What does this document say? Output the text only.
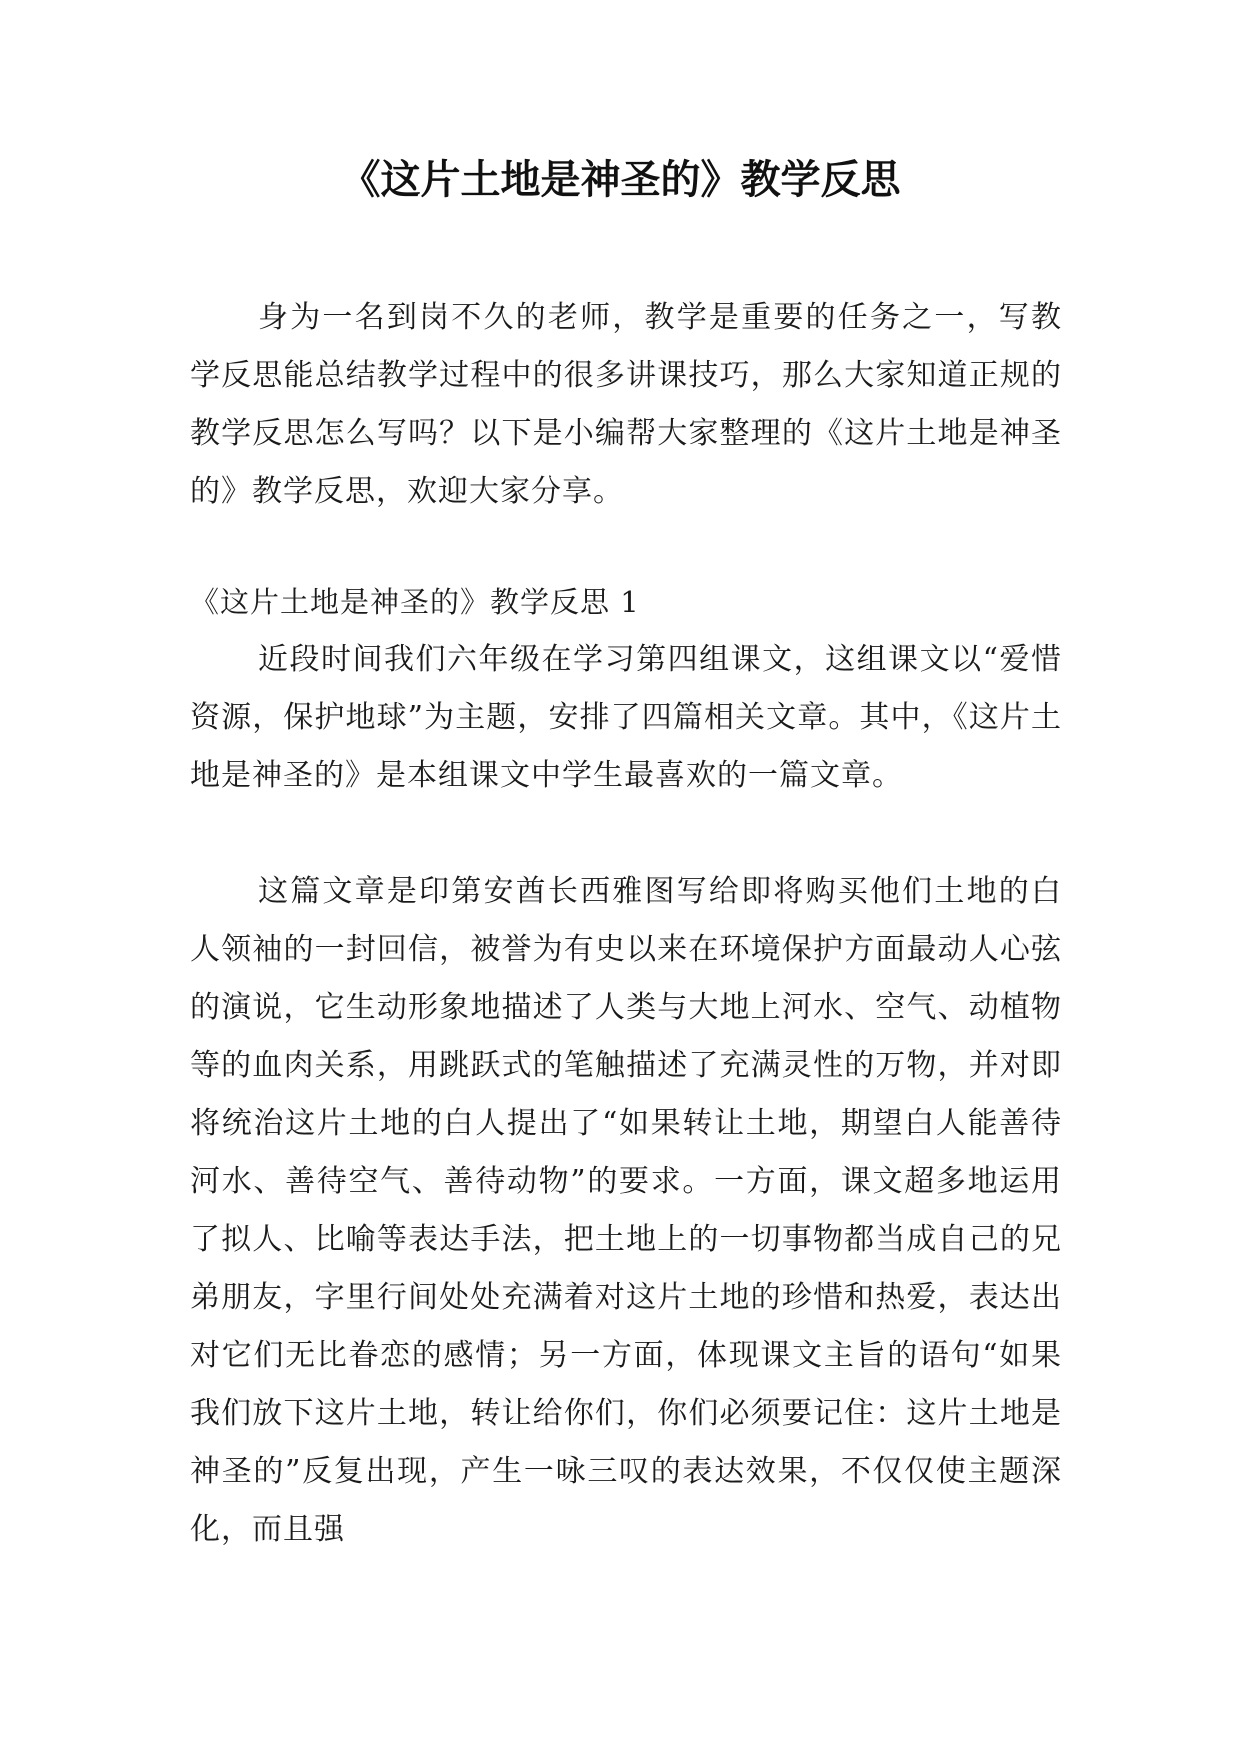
《这片土地是神圣的》教学反思

身为一名到岗不久的老师，教学是重要的任务之一，写教学反思能总结教学过程中的很多讲课技巧，那么大家知道正规的教学反思怎么写吗？以下是小编帮大家整理的《这片土地是神圣的》教学反思，欢迎大家分享。

《这片土地是神圣的》教学反思 1

近段时间我们六年级在学习第四组课文，这组课文以“爱惜资源，保护地球”为主题，安排了四篇相关文章。其中，《这片土地是神圣的》是本组课文中学生最喜欢的一篇文章。

这篇文章是印第安酋长西雅图写给即将购买他们土地的白人领袖的一封回信，被誉为有史以来在环境保护方面最动人心弦的演说，它生动形象地描述了人类与大地上河水、空气、动植物等的血肉关系，用跳跃式的笔触描述了充满灵性的万物，并对即将统治这片土地的白人提出了“如果转让土地，期望白人能善待河水、善待空气、善待动物”的要求。一方面，课文超多地运用了拟人、比喻等表达手法，把土地上的一切事物都当成自己的兄弟朋友，字里行间处处充满着对这片土地的珍惜和热爱，表达出对它们无比眷恋的感情；另一方面，体现课文主旨的语句“如果我们放下这片土地，转让给你们，你们必须要记住：这片土地是神圣的”反复出现，产生一咏三叹的表达效果，不仅仅使主题深化，而且强
